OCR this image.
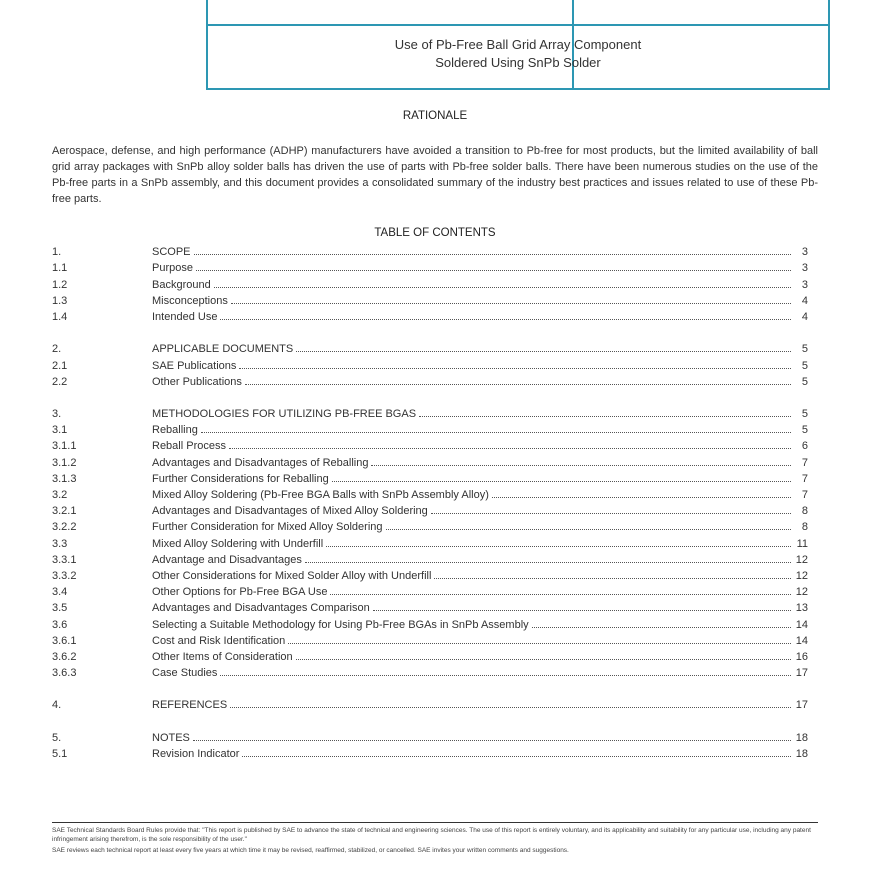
Use of Pb-Free Ball Grid Array Component
Soldered Using SnPb Solder
RATIONALE
Aerospace, defense, and high performance (ADHP) manufacturers have avoided a transition to Pb-free for most products, but the limited availability of ball grid array packages with SnPb alloy solder balls has driven the use of parts with Pb-free solder balls. There have been numerous studies on the use of the Pb-free parts in a SnPb assembly, and this document provides a consolidated summary of the industry best practices and issues related to use of these Pb-free parts.
TABLE OF CONTENTS
1.	SCOPE	3
1.1	Purpose	3
1.2	Background	3
1.3	Misconceptions	4
1.4	Intended Use	4
2.	APPLICABLE DOCUMENTS	5
2.1	SAE Publications	5
2.2	Other Publications	5
3.	METHODOLOGIES FOR UTILIZING PB-FREE BGAS	5
3.1	Reballing	5
3.1.1	Reball Process	6
3.1.2	Advantages and Disadvantages of Reballing	7
3.1.3	Further Considerations for Reballing	7
3.2	Mixed Alloy Soldering (Pb-Free BGA Balls with SnPb Assembly Alloy)	7
3.2.1	Advantages and Disadvantages of Mixed Alloy Soldering	8
3.2.2	Further Consideration for Mixed Alloy Soldering	8
3.3	Mixed Alloy Soldering with Underfill	11
3.3.1	Advantage and Disadvantages	12
3.3.2	Other Considerations for Mixed Solder Alloy with Underfill	12
3.4	Other Options for Pb-Free BGA Use	12
3.5	Advantages and Disadvantages Comparison	13
3.6	Selecting a Suitable Methodology for Using Pb-Free BGAs in SnPb Assembly	14
3.6.1	Cost and Risk Identification	14
3.6.2	Other Items of Consideration	16
3.6.3	Case Studies	17
4.	REFERENCES	17
5.	NOTES	18
5.1	Revision Indicator	18

SAE Technical Standards Board Rules provide that: "This report is published by SAE to advance the state of technical and engineering sciences. The use of this report is entirely voluntary, and its applicability and suitability for any particular use, including any patent infringement arising therefrom, is the sole responsibility of the user."

SAE reviews each technical report at least every five years at which time it may be revised, reaffirmed, stabilized, or cancelled. SAE invites your written comments and suggestions.
